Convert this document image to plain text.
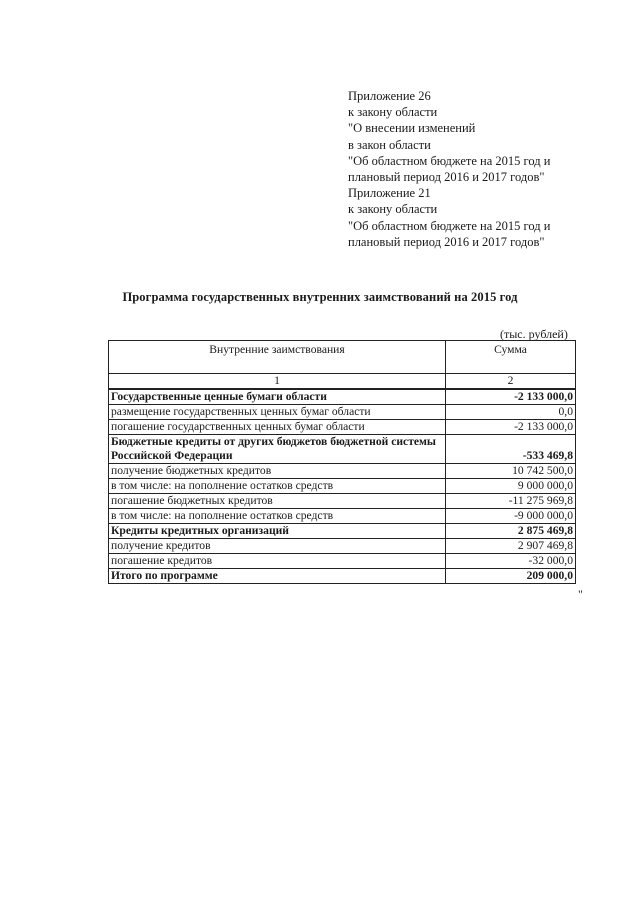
Приложение 26
к закону области
"О внесении изменений
в закон области
"Об областном бюджете на 2015 год и
плановый период 2016 и 2017 годов"
Приложение 21
к закону области
"Об областном бюджете на 2015 год и
плановый период 2016 и 2017 годов"
Программа государственных внутренних заимствований на 2015 год
(тыс. рублей)
Внутренние заимствования	Сумма
1	2
Государственные ценные бумаги области	-2 133 000,0
размещение государственных ценных бумаг области	0,0
погашение государственных ценных бумаг области	-2 133 000,0
Бюджетные кредиты от других бюджетов бюджетной системы Российской Федерации	-533 469,8
получение бюджетных кредитов	10 742 500,0
в том числе: на пополнение остатков средств	9 000 000,0
погашение бюджетных кредитов	-11 275 969,8
в том числе: на пополнение остатков средств	-9 000 000,0
Кредиты кредитных организаций	2 875 469,8
получение кредитов	2 907 469,8
погашение кредитов	-32 000,0
Итого по программе	209 000,0
"
